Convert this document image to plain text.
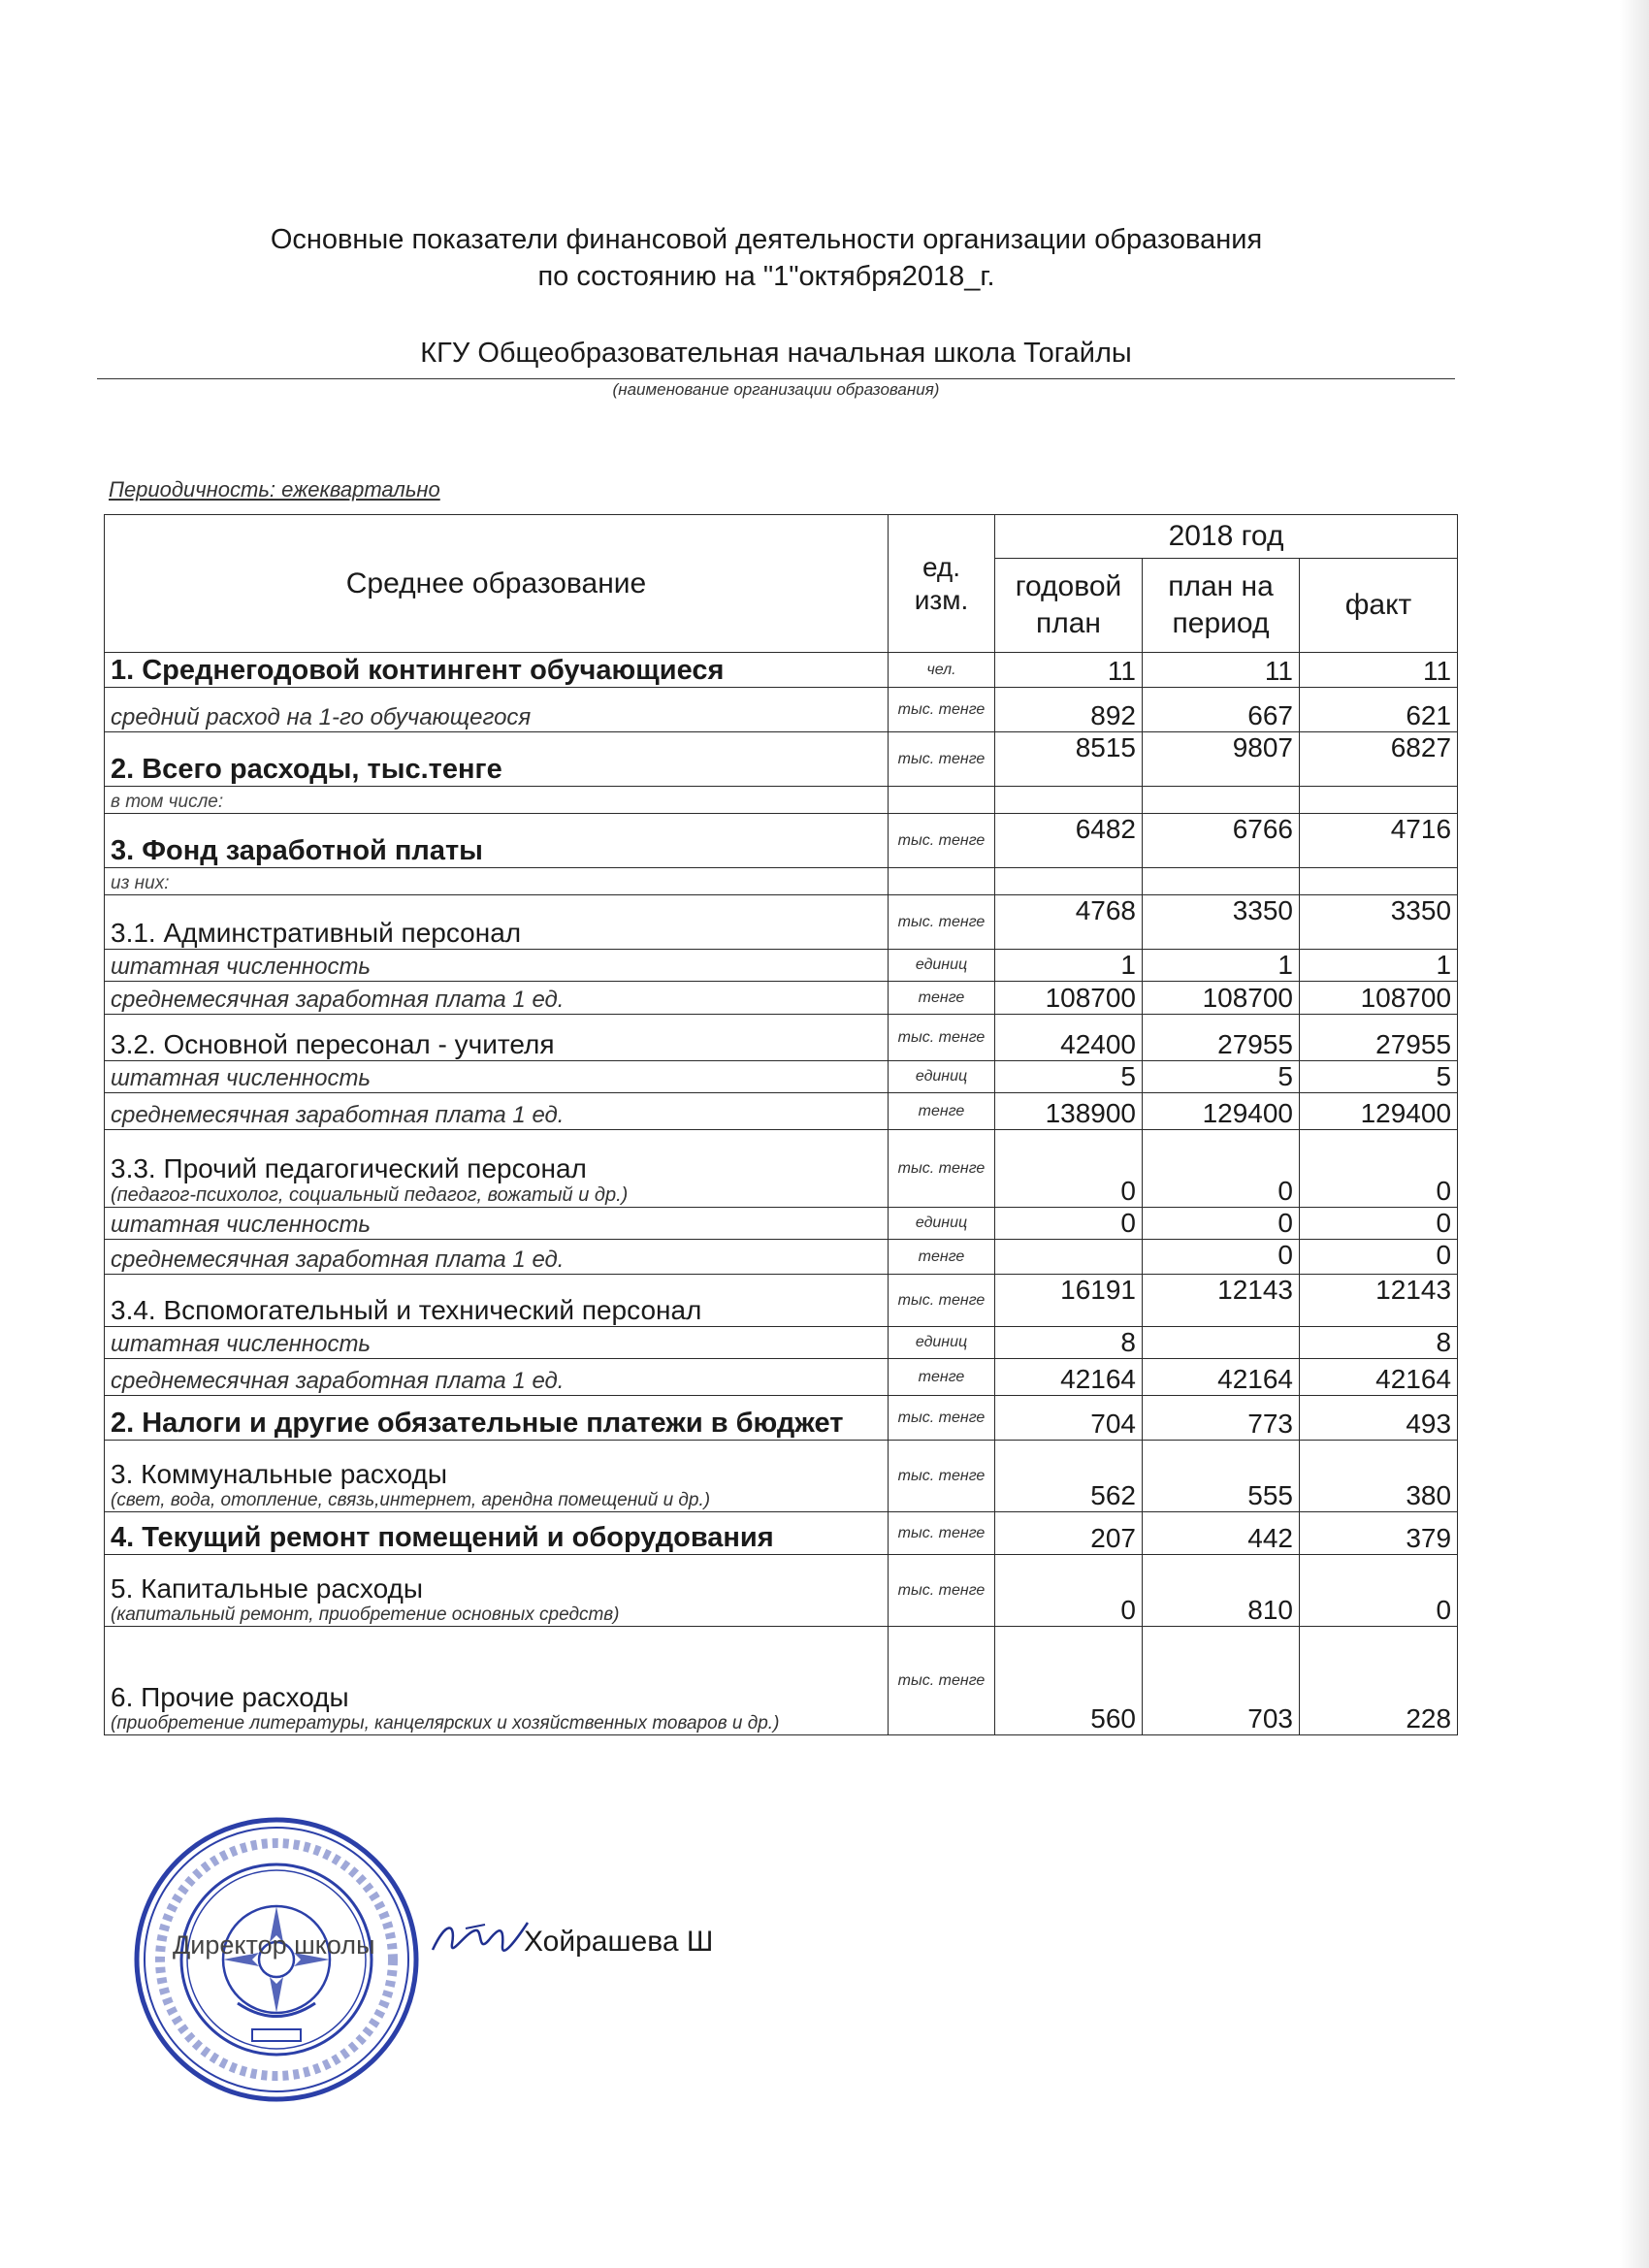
Основные показатели финансовой деятельности организации образования
по состоянию на "1"октября2018_г.
КГУ Общеобразовательная начальная школа Тогайлы
(наименование организации образования)
Периодичность: ежеквартально
Среднее образование	ед. изм.	2018 год		
		годовой план	план на период	факт
1. Среднегодовой контингент обучающиеся	чел.	11	11	11
средний расход на 1-го обучающегося	тыс. тенге	892	667	621
2. Всего расходы, тыс.тенге	тыс. тенге	8515	9807	6827
в том числе:				
3. Фонд заработной платы	тыс. тенге	6482	6766	4716
из них:				
3.1. Админстративный персонал	тыс. тенге	4768	3350	3350
штатная численность	единиц	1	1	1
среднемесячная заработная плата 1 ед.	тенге	108700	108700	108700
3.2. Основной пересонал - учителя	тыс. тенге	42400	27955	27955
штатная численность	единиц	5	5	5
среднемесячная заработная плата 1 ед.	тенге	138900	129400	129400
3.3. Прочий педагогический персонал
(педагог-психолог, социальный педагог, вожатый и др.)	тыс. тенге	0	0	0
штатная численность	единиц	0	0	0
среднемесячная заработная плата 1 ед.	тенге		0	0
3.4. Вспомогательный и технический персонал	тыс. тенге	16191	12143	12143
штатная численность	единиц	8		8
среднемесячная заработная плата 1 ед.	тенге	42164	42164	42164
2. Налоги и другие обязательные платежи в бюджет	тыс. тенге	704	773	493
3. Коммунальные расходы
(свет, вода, отопление, связь,интернет, арендна помещений и др.)	тыс. тенге	562	555	380
4. Текущий ремонт помещений и оборудования	тыс. тенге	207	442	379
5. Капитальные расходы
(капитальный ремонт, приобретение основных средств)	тыс. тенге	0	810	0
6. Прочие расходы
(приобретение литературы, канцелярских и хозяйственных товаров и др.)	тыс. тенге	560	703	228
Директор школы	Хойрашева Ш
